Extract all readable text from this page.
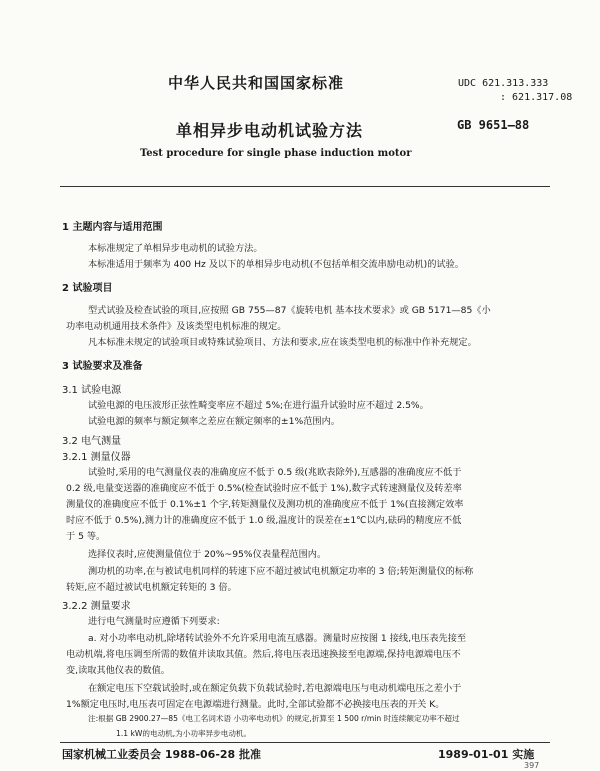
中华人民共和国国家标准	UDC 621.313.333
: 621.317.08
单相异步电动机试验方法	GB 9651—88
Test procedure for single phase induction motor
1 主题内容与适用范围
本标准规定了单相异步电动机的试验方法。
本标准适用于频率为 400 Hz 及以下的单相异步电动机(不包括单相交流串励电动机)的试验。
2 试验项目
型式试验及检查试验的项目,应按照 GB 755—87《旋转电机 基本技术要求》或 GB 5171—85《小
功率电动机通用技术条件》及该类型电机标准的规定。
凡本标准未规定的试验项目或特殊试验项目、方法和要求,应在该类型电机的标准中作补充规定。
3 试验要求及准备
3.1 试验电源
试验电源的电压波形正弦性畸变率应不超过 5%;在进行温升试验时应不超过 2.5%。
试验电源的频率与额定频率之差应在额定频率的±1%范围内。
3.2 电气测量
3.2.1 测量仪器
试验时,采用的电气测量仪表的准确度应不低于 0.5 级(兆欧表除外),互感器的准确度应不低于
0.2 级,电量变送器的准确度应不低于 0.5%(检查试验时应不低于 1%),数字式转速测量仪及转差率
测量仪的准确度应不低于 0.1%±1 个字,转矩测量仪及测功机的准确度应不低于 1%(直接测定效率
时应不低于 0.5%),测力计的准确度应不低于 1.0 级,温度计的误差在±1℃以内,砝码的精度应不低
于 5 等。
选择仪表时,应使测量值位于 20%~95%仪表量程范围内。
测功机的功率,在与被试电机同样的转速下应不超过被试电机额定功率的 3 倍;转矩测量仪的标称
转矩,应不超过被试电机额定转矩的 3 倍。
3.2.2 测量要求
进行电气测量时应遵循下列要求:
a. 对小功率电动机,除堵转试验外不允许采用电流互感器。测量时应按图 1 接线,电压表先接至
电动机端,将电压调至所需的数值并读取其值。然后,将电压表迅速换接至电源端,保持电源端电压不
变,读取其他仪表的数值。
在额定电压下空载试验时,或在额定负载下负载试验时,若电源端电压与电动机端电压之差小于
1%额定电压时,电压表可固定在电源端进行测量。此时,全部试验都不必换接电压表的开关 K。
注:根据 GB 2900.27—85《电工名词术语 小功率电动机》的规定,折算至 1 500 r/min 时连续额定功率不超过
1.1 kW的电动机,为小功率异步电动机。
国家机械工业委员会 1988-06-28 批准	1989-01-01 实施
397
